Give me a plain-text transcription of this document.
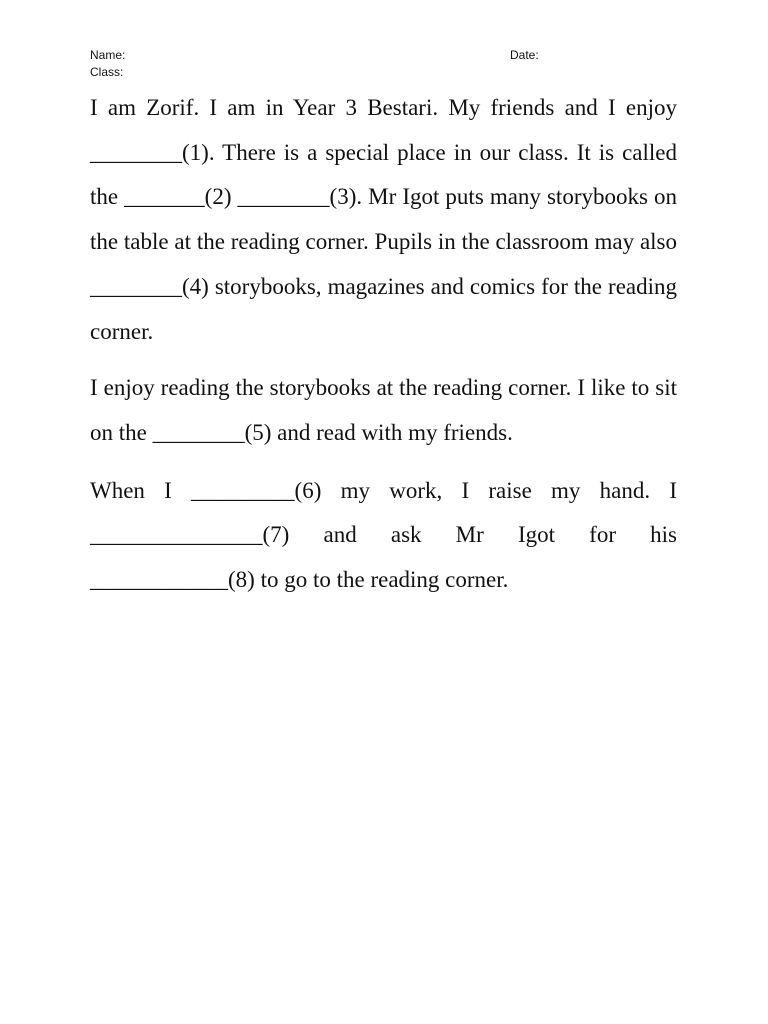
Name:	Date:
Class:

I am Zorif. I am in Year 3 Bestari. My friends and I enjoy ________(1). There is a special place in our class. It is called the _______(2) ________(3). Mr Igot puts many storybooks on the table at the reading corner. Pupils in the classroom may also ________(4) storybooks, magazines and comics for the reading corner.

I enjoy reading the storybooks at the reading corner. I like to sit on the ________(5) and read with my friends.

When I _________(6) my work, I raise my hand. I _______________(7) and ask Mr Igot for his ____________(8) to go to the reading corner.
